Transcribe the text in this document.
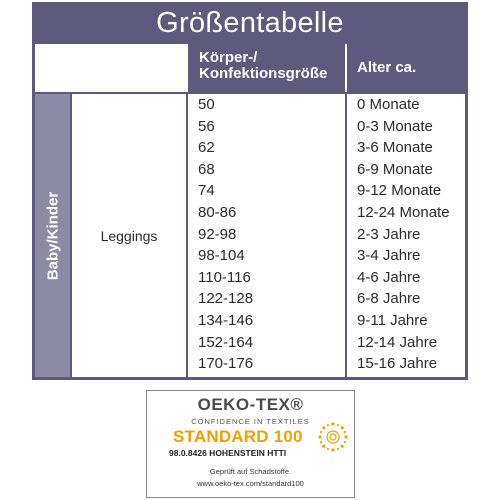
Größentabelle
Körper-/ Konfektionsgröße	Alter ca.
Baby/Kinder	Leggings
50
56
62
68
74
80-86
92-98
98-104
110-116
122-128
134-146
152-164
170-176
0 Monate
0-3 Monate
3-6 Monate
6-9 Monate
9-12 Monate
12-24 Monate
2-3 Jahre
3-4 Jahre
4-6 Jahre
6-8 Jahre
9-11 Jahre
12-14 Jahre
15-16 Jahre
OEKO-TEX®
CONFIDENCE IN TEXTILES
STANDARD 100
98.0.8426 HOHENSTEIN HTTI
Geprüft auf Schadstoffe.
www.oeko-tex.com/standard100
